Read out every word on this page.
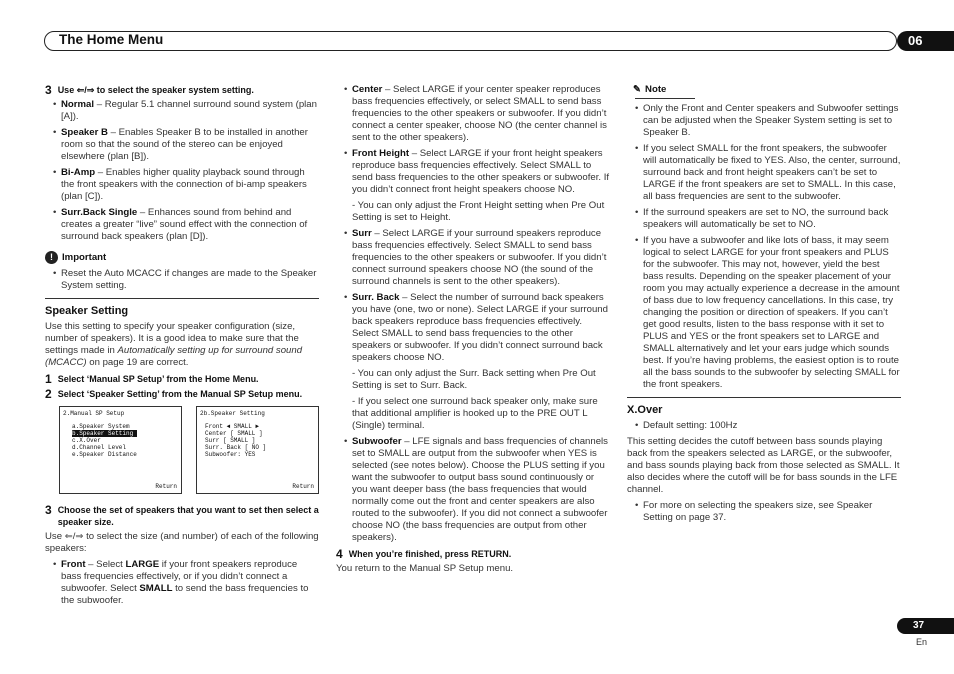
The Home Menu	06
3 Use ⇐/⇒ to select the speaker system setting.
• Normal – Regular 5.1 channel surround sound system (plan [A]).
• Speaker B – Enables Speaker B to be installed in another room so that the sound of the stereo can be enjoyed elsewhere (plan [B]).
• Bi-Amp – Enables higher quality playback sound through the front speakers with the connection of bi-amp speakers (plan [C]).
• Surr.Back Single – Enhances sound from behind and creates a greater “live” sound effect with the connection of surround back speakers (plan [D]).
! Important
• Reset the Auto MCACC if changes are made to the Speaker System setting.
Speaker Setting

Use this setting to specify your speaker configuration (size, number of speakers). It is a good idea to make sure that the settings made in Automatically setting up for surround sound (MCACC) on page 19 are correct.

1 Select ‘Manual SP Setup’ from the Home Menu.
2 Select ‘Speaker Setting’ from the Manual SP Setup menu.
2.Manual SP Setup
a.Speaker System
b.Speaker Setting
c.X.Over
d.Channel Level
e.Speaker Distance
Return
2b.Speaker Setting
Front ◄ SMALL ►
Center [ SMALL ]
Surr [ SMALL ]
Surr. Back [ NO ]
Subwoofer: YES
Return
3 Choose the set of speakers that you want to set then select a speaker size.

Use ⇐/⇒ to select the size (and number) of each of the following speakers:

• Front – Select LARGE if your front speakers reproduce bass frequencies effectively, or if you didn’t connect a subwoofer. Select SMALL to send the bass frequencies to the subwoofer.
• Center – Select LARGE if your center speaker reproduces bass frequencies effectively, or select SMALL to send bass frequencies to the other speakers or subwoofer. If you didn’t connect a center speaker, choose NO (the center channel is sent to the other speakers).
• Front Height – Select LARGE if your front height speakers reproduce bass frequencies effectively. Select SMALL to send bass frequencies to the other speakers or subwoofer. If you didn’t connect front height speakers choose NO.

- You can only adjust the Front Height setting when Pre Out Setting is set to Height.

• Surr – Select LARGE if your surround speakers reproduce bass frequencies effectively. Select SMALL to send bass frequencies to the other speakers or subwoofer. If you didn’t connect surround speakers choose NO (the sound of the surround channels is sent to the other speakers).
• Surr. Back – Select the number of surround back speakers you have (one, two or none). Select LARGE if your surround back speakers reproduce bass frequencies effectively. Select SMALL to send bass frequencies to the other speakers or subwoofer. If you didn’t connect surround back speakers choose NO.

- You can only adjust the Surr. Back setting when Pre Out Setting is set to Surr. Back.

- If you select one surround back speaker only, make sure that additional amplifier is hooked up to the PRE OUT L (Single) terminal.

• Subwoofer – LFE signals and bass frequencies of channels set to SMALL are output from the subwoofer when YES is selected (see notes below). Choose the PLUS setting if you want the subwoofer to output bass sound continuously or you want deeper bass (the bass frequencies that would normally come out the front and center speakers are also routed to the subwoofer). If you did not connect a subwoofer choose NO (the bass frequencies are output from other speakers).
4 When you’re finished, press RETURN.

You return to the Manual SP Setup menu.

✎ Note
• Only the Front and Center speakers and Subwoofer settings can be adjusted when the Speaker System setting is set to Speaker B.
• If you select SMALL for the front speakers, the subwoofer will automatically be fixed to YES. Also, the center, surround, surround back and front height speakers can’t be set to LARGE if the front speakers are set to SMALL. In this case, all bass frequencies are sent to the subwoofer.
• If the surround speakers are set to NO, the surround back speakers will automatically be set to NO.
• If you have a subwoofer and like lots of bass, it may seem logical to select LARGE for your front speakers and PLUS for the subwoofer. This may not, however, yield the best bass results. Depending on the speaker placement of your room you may actually experience a decrease in the amount of bass due to low frequency cancellations. In this case, try changing the position or direction of speakers. If you can’t get good results, listen to the bass response with it set to PLUS and YES or the front speakers set to LARGE and SMALL alternatively and let your ears judge which sounds best. If you’re having problems, the easiest option is to route all the bass sounds to the subwoofer by selecting SMALL for the front speakers.
X.Over
• Default setting: 100Hz

This setting decides the cutoff between bass sounds playing back from the speakers selected as LARGE, or the subwoofer, and bass sounds playing back from those selected as SMALL. It also decides where the cutoff will be for bass sounds in the LFE channel.

• For more on selecting the speakers size, see Speaker Setting on page 37.
37
En
